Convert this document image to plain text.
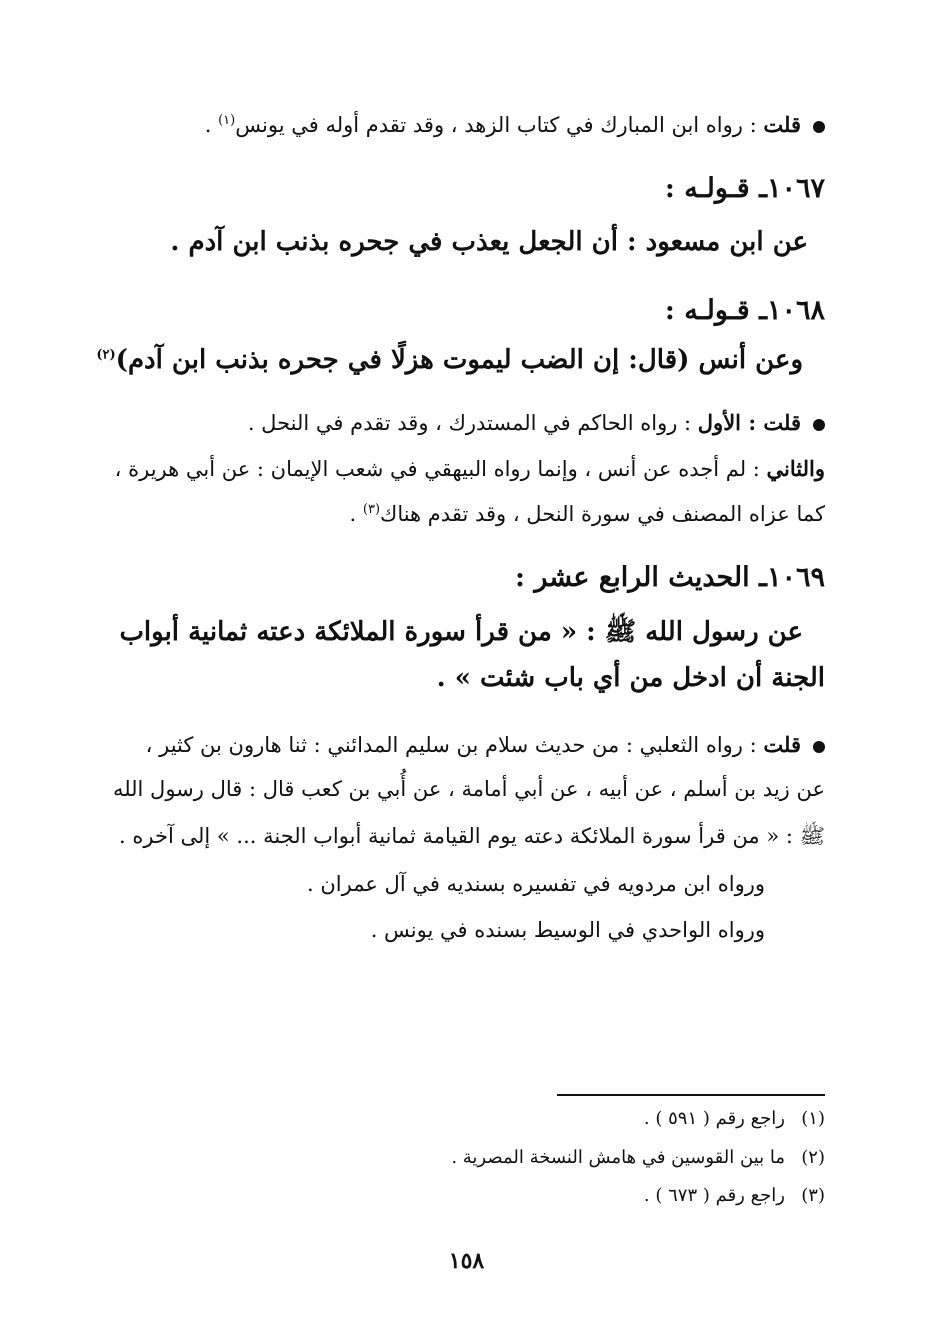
قلت : رواه ابن المبارك في كتاب الزهد ، وقد تقدم أوله في يونس$^{(١)}$ .
١٠٦٧ـ قـولـه :
عن ابن مسعود : أن الجعل يعذب في جحره بذنب ابن آدم .
١٠٦٨ـ قـولـه :
وعن أنس (قال: إن الضب ليموت هزلًا في جحره بذنب ابن آدم)$^{(٢)}$
قلت : الأول : رواه الحاكم في المستدرك ، وقد تقدم في النحل .
والثاني : لم أجده عن أنس ، وإنما رواه البيهقي في شعب الإيمان : عن أبي هريرة ،
كما عزاه المصنف في سورة النحل ، وقد تقدم هناك$^{(٣)}$ .
١٠٦٩ـ الحديث الرابع عشر :
عن رسول الله ﷺ : « من قرأ سورة الملائكة دعته ثمانية أبواب
الجنة أن ادخل من أي باب شئت » .
قلت : رواه الثعلبي : من حديث سلام بن سليم المدائني : ثنا هارون بن كثير ،
عن زيد بن أسلم ، عن أبيه ، عن أبي أمامة ، عن أُبي بن كعب قال : قال رسول الله
ﷺ : « من قرأ سورة الملائكة دعته يوم القيامة ثمانية أبواب الجنة ... » إلى آخره .
ورواه ابن مردويه في تفسيره بسنديه في آل عمران .
ورواه الواحدي في الوسيط بسنده في يونس .
(١)راجع رقم ( ٥٩١ ) .
(٢)ما بين القوسين في هامش النسخة المصرية .
(٣)راجع رقم ( ٦٧٣ ) .
١٥٨
